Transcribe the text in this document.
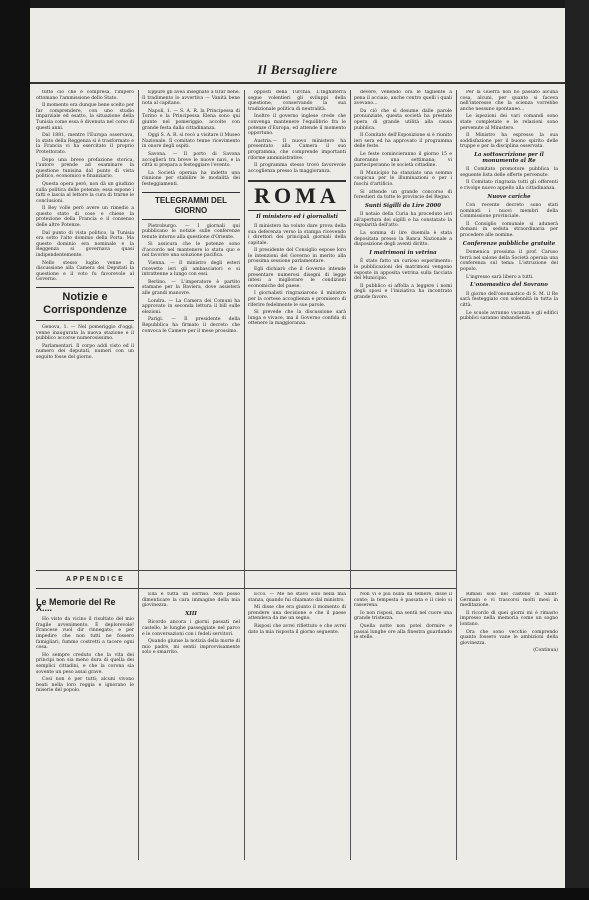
Il Bersagliere

tutto ciò che è compresa, l'impero ottomano l'ammissione dello Stato.

Il momento era dunque bene scelto per far comprendere, con uno studio imparziale ed esatto, la situazione della Tunisia come essa è divenuta nel corso di questi anni.

Dal 1881, mentre l'Europa osservava, lo stato della Reggenza si è trasformato e la Francia vi ha esercitato il proprio Protettorato.

Dopo una breve prefazione storica, l'autore prende ad esaminare la questione tunisina dal punto di vista politico, economico e finanziario.

Questa opera però, non dà un giudizio sulla politica delle potenze; essa espone i fatti e lascia al lettore la cura di trarne le conclusioni.

Il Bey volle però avere un rimedio a questo stato di cose e chiese la protezione della Francia e il consenso delle altre Potenze.

Dal punto di vista politico, la Tunisia era sotto l'alto dominio della Porta. Ma questo dominio era nominale e la Reggenza si governava quasi indipendentemente.

Nello stesso luglio venne in discussione alla Camera dei Deputati la questione e il voto fu favorevole al Governo.

Notizie e Corrispondenze

Genova, 1. — Nel pomeriggio d'oggi, venne inaugurata la nuova stazione e il pubblico accorse numerosissimo.

Parlamentari. Il corpo addi visto ed il numero dei deputati, numeri con un seguito fosse del giorno.

Eppure gli avea insegnato a tirar bene. Il tradimento lo avvertiva — Vanità bene nota al capitano.

Napoli, 1. — S. A. R. la Principessa di Torino e la Principessa Elena sono qui giunte nel pomeriggio, accolte con grande festa dalla cittadinanza.

Oggi S. A. R. si recò a visitare il Museo Nazionale. Il comitato tenne ricevimento in onore degli ospiti.

Savona. — Il porto di Savona accoglierà tra breve le nuove navi, e la città si prepara a festeggiare l'evento.

La Società operaia ha indetto una riunione per stabilire le modalità dei festeggiamenti.

TELEGRAMMI DEL GIORNO

Pietroburgo. — I giornali qui pubblicano le notizie sulle conferenze tenute intorno alla questione d'Oriente.

Si assicura che le potenze sono d'accordo nel mantenere lo statu quo e nel favorire una soluzione pacifica.

Vienna. — Il ministro degli esteri ricevette ieri gli ambasciatori e si intrattenne a lungo con essi.

Berlino. — L'imperatore è partito stamane per la Baviera, dove assisterà alle grandi manovre.

Londra. — La Camera dei Comuni ha approvato in seconda lettura il bill sulle elezioni.

Parigi. — Il presidente della Repubblica ha firmato il decreto che convoca le Camere per il mese prossimo.

opposti della Turchia. L'Inghilterra segue volentieri gli sviluppi della questione, conservando la sua tradizionale politica di neutralità.

Inoltre il governo inglese crede che convenga mantenere l'equilibrio fra le potenze d'Europa, ed attende il momento opportuno.

Austria.— Il nuovo ministero ha presentato alla Camera il suo programma, che comprende importanti riforme amministrative.

Il programma stesso trovò favorevole accoglienza presso la maggioranza.

ROMA
Il ministero ed i giornalisti

Il ministero ha voluto dare prova della sua deferenza verso la stampa ricevendo i direttori dei principali giornali della capitale.

Il presidente del Consiglio espose loro le intenzioni del Governo in merito alla prossima sessione parlamentare.

Egli dichiarò che il Governo intende presentare numerosi disegni di legge intesi a migliorare le condizioni economiche del paese.

I giornalisti ringraziarono il ministro per la cortese accoglienza e promisero di riferire fedelmente le sue parole.

Si prevede che la discussione sarà lunga e vivace, ma il Governo confida di ottenere la maggioranza.

devere, venendo ora le tagliente a pena il acciaio, anche contro quelli i quali avevano...

Da ciò che si desume dalle parole pronunziate, questa società ha prestato opera di grande utilità alla causa pubblica.

Il Comitato dell'Esposizione si è riunito ieri sera ed ha approvato il programma delle feste.

Le feste comincieranno il giorno 15 e dureranno una settimana; vi parteciperanno le società cittadine.

Il Municipio ha stanziato una somma cospicua per le illuminazioni e per i fuochi d'artificio.

Si attende un grande concorso di forestieri da tutte le provincie del Regno.

Sunti Sigilli da Lire 2000

Il notaio della Curia ha proceduto ieri all'apertura dei sigilli e ha constatato la regolarità dell'atto.

La somma di lire duemila è stata depositata presso la Banca Nazionale a disposizione degli aventi diritto.

I matrimoni in vetrina

È stato fatto un curioso esperimento: le pubblicazioni dei matrimoni vengono esposte in apposita vetrina sulla facciata del Municipio.

Il pubblico si affolla a leggere i nomi degli sposi e l'iniziativa ha incontrato grande favore.

Per la Guerra non ho passato alcuna cosa, alcuni, per quanto si faceva nell'interesse che la scienza vorrebbe anche nessuno spontaneo...

Le ispezioni dei vari comandi sono state completate e le relazioni sono pervenute al Ministero.

Il Ministro ha espresso la sua soddisfazione per il buono spirito delle truppe e per la disciplina osservata.

La sottoscrizione per il monumento al Re

Il Comitato promotore pubblica la seguente lista delle offerte pervenute.

Il Comitato ringrazia tutti gli offerenti e rivolge nuovo appello alla cittadinanza.

Nuove cariche

Con recente decreto sono stati nominati i nuovi membri della Commissione provinciale.

Il Consiglio comunale si adunerà domani in seduta straordinaria per procedere alle nomine.

Conferenze pubbliche gratuite

Domenica prossima il prof. Caruso terrà nel salone della Società operaia una conferenza sul tema: L'istruzione del popolo.

L'ingresso sarà libero a tutti.

L'onomastico del Sovrano

Il giorno dell'onomastico di S. M. il Re sarà festeggiato con solennità in tutta la città.

Le scuole avranno vacanza e gli edifici pubblici saranno imbandierati.

APPENDICE
Le Memorie del Re X....

Ho visto da vicino il risultato del mio fragile avvenimento. È deplorevole! Francese vuol dir rinnegato; e per impedire che non tutti ne fossero famigliari, fummo costretti a tacere ogni cosa.

Ho sempre creduto che la vita dei principi non sia meno dura di quella dei semplici cittadini, e che la corona sia sovente un peso assai grave.

Così non è per tutti; alcuni vivono beati nella loro reggia e ignorano le miserie del popolo.

Ella è tutta un sorriso. Non posso dimenticare la cara immagine della mia giovinezza.

XIII

Ricordo ancora i giorni passati nel castello, le lunghe passeggiate nel parco e le conversazioni con i fedeli servitori.

Quando giunse la notizia della morte di mio padre, mi sentii improvvisamente solo e smarrito.

Ecco. — Me ne stavo solo nella mia stanza, quando fui chiamato dal ministro.

Mi disse che era giunto il momento di prendere una decisione e che il paese attendeva da me un segno.

Risposi che avrei riflettuto e che avrei dato la mia risposta il giorno seguente.

Non vi è più nulla da temere, disse il conte; la tempesta è passata e il cielo si rasserena.

Io non risposi, ma sentii nel cuore una grande tristezza.

Quella notte non potei dormire e passai lunghe ore alla finestra guardando le stelle.

Rimasi solo nel castello di Saint-Germain e vi trascorsi molti mesi in meditazione.

Il ricordo di quei giorni mi è rimasto impresso nella memoria come un sogno lontano.

Ora che sono vecchio comprendo quanto fossero vane le ambizioni della giovinezza.

(Continua)
